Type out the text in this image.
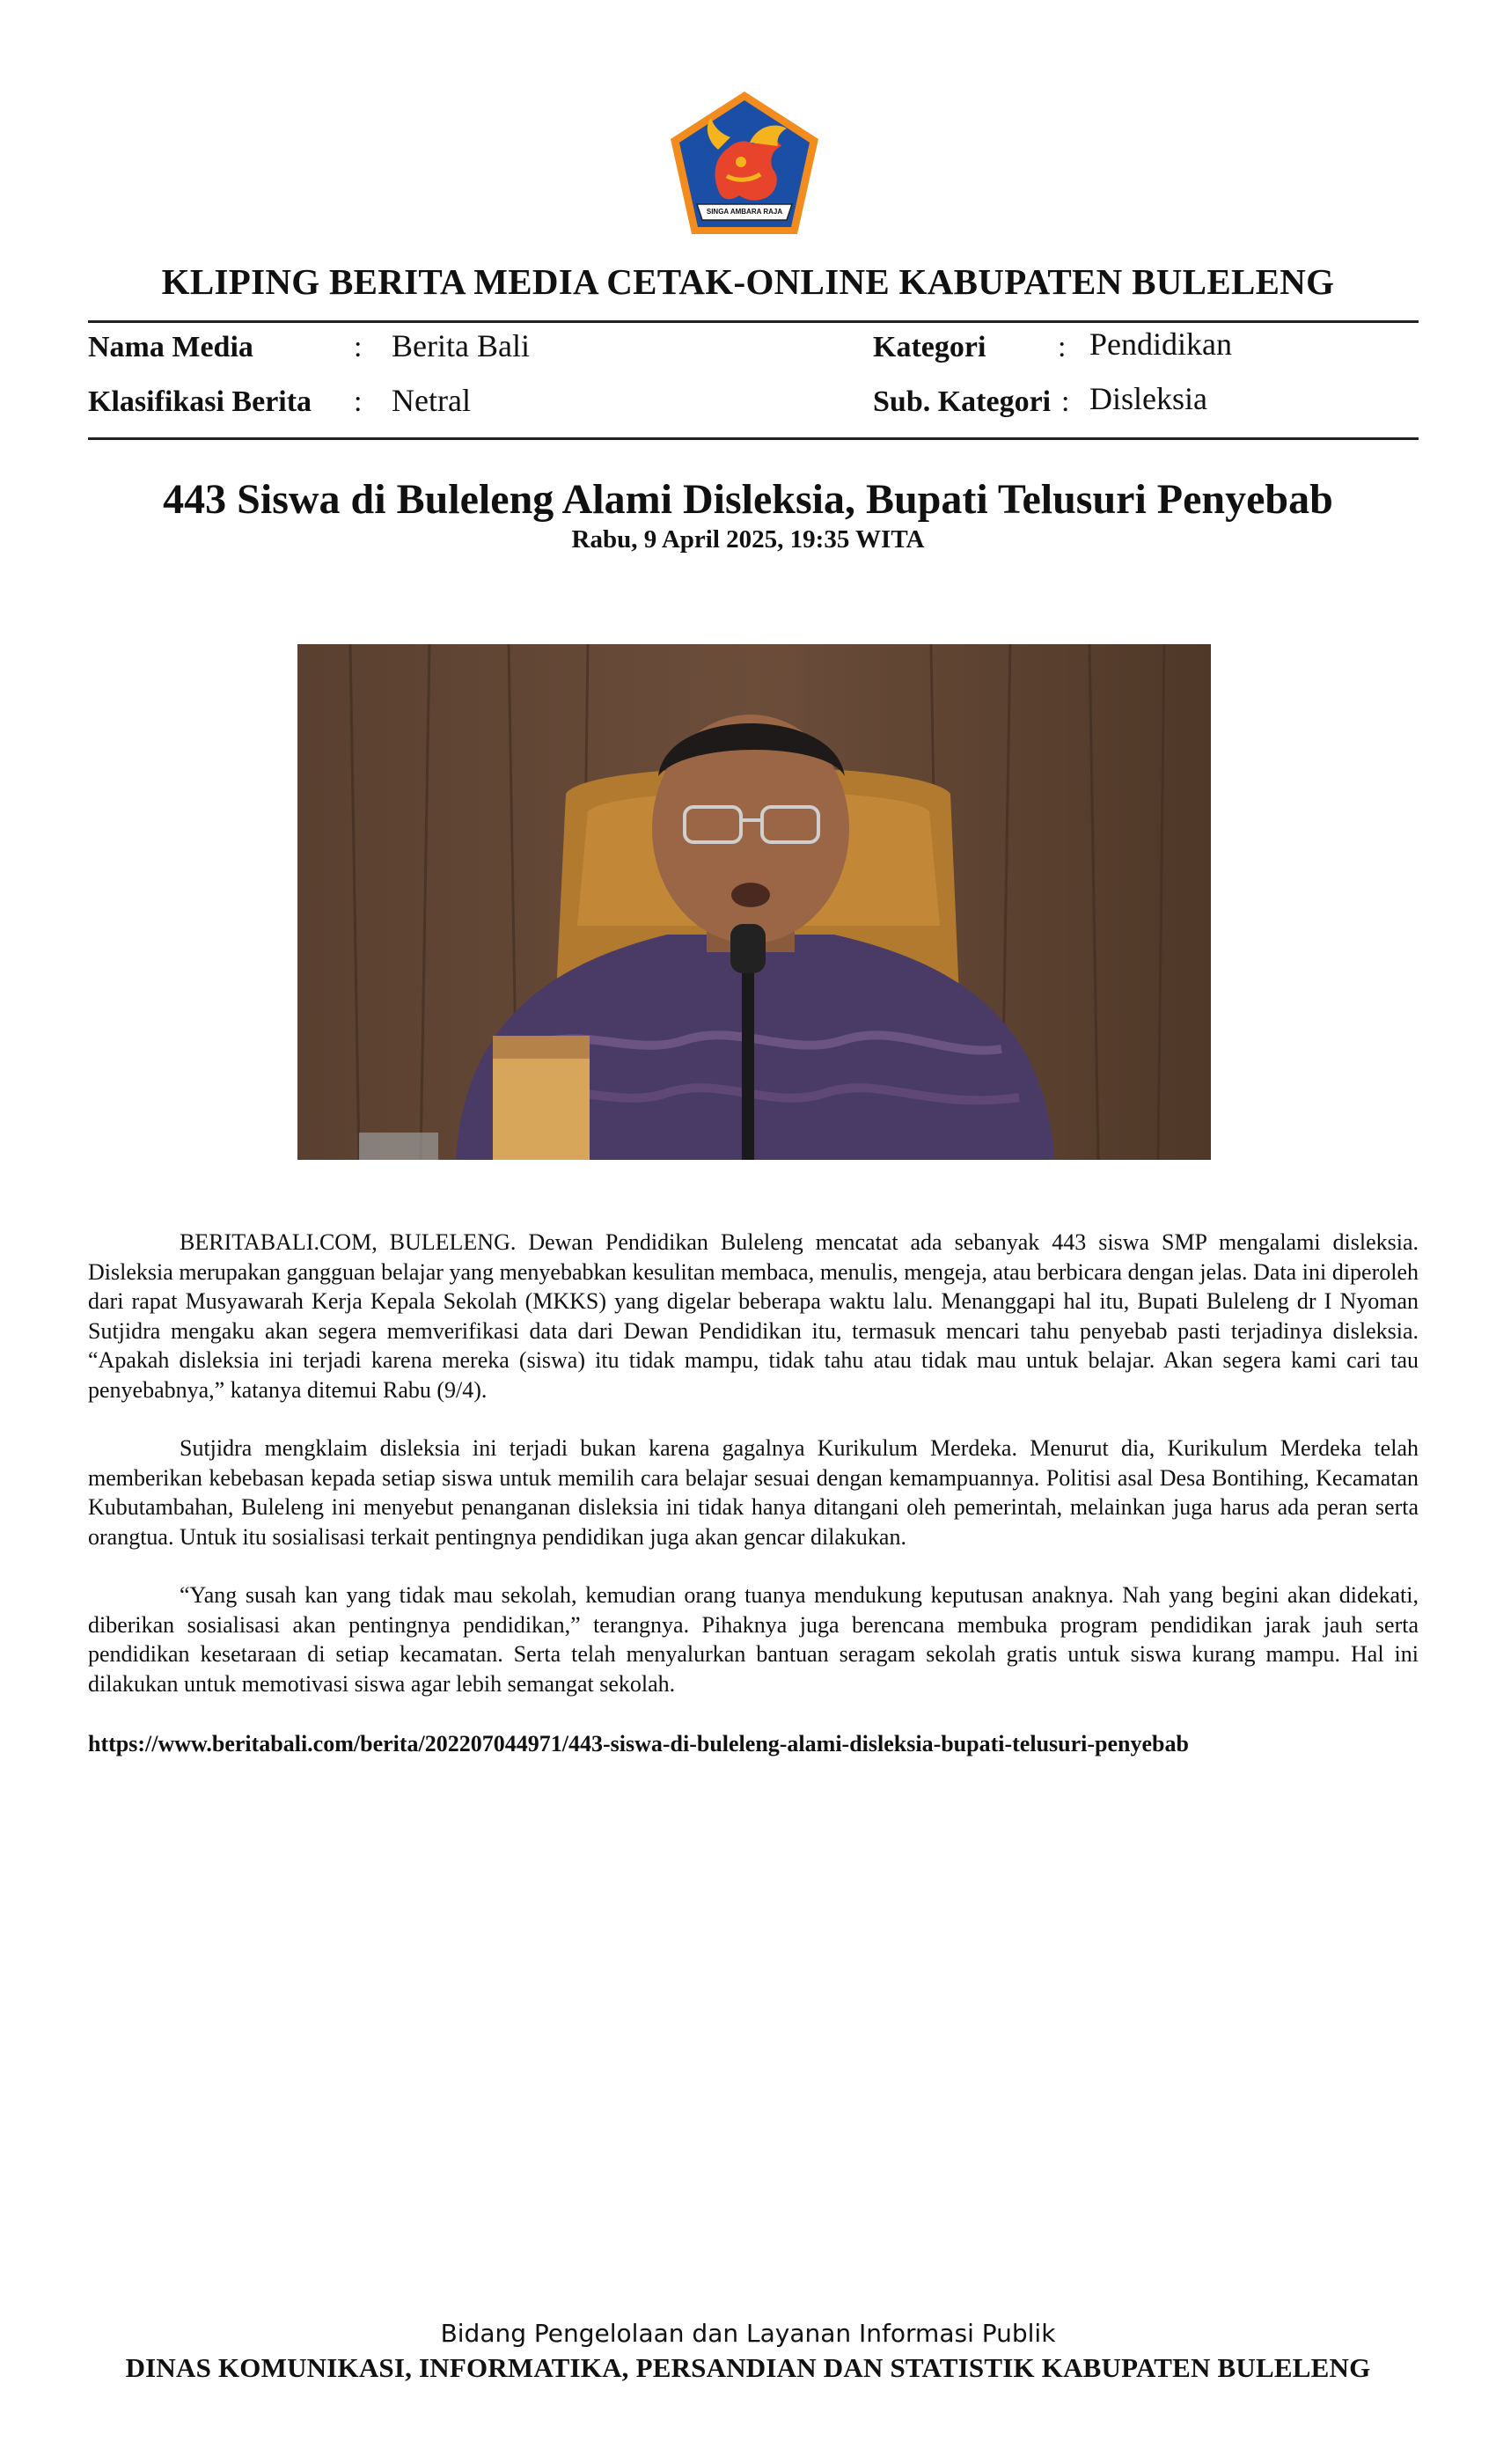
SINGA AMBARA RAJA
KLIPING BERITA MEDIA CETAK-ONLINE KABUPATEN BULELENG
Nama Media	: Berita Bali
Klasifikasi Berita : Netral
Kategori : Pendidikan
Sub. Kategori : Disleksia
443 Siswa di Buleleng Alami Disleksia, Bupati Telusuri Penyebab
Rabu, 9 April 2025, 19:35 WITA

BERITABALI.COM, BULELENG. Dewan Pendidikan Buleleng mencatat ada sebanyak 443 siswa SMP mengalami disleksia. Disleksia merupakan gangguan belajar yang menyebabkan kesulitan membaca, menulis, mengeja, atau berbicara dengan jelas. Data ini diperoleh dari rapat Musyawarah Kerja Kepala Sekolah (MKKS) yang digelar beberapa waktu lalu. Menanggapi hal itu, Bupati Buleleng dr I Nyoman Sutjidra mengaku akan segera memverifikasi data dari Dewan Pendidikan itu, termasuk mencari tahu penyebab pasti terjadinya disleksia. “Apakah disleksia ini terjadi karena mereka (siswa) itu tidak mampu, tidak tahu atau tidak mau untuk belajar. Akan segera kami cari tau penyebabnya,” katanya ditemui Rabu (9/4).

Sutjidra mengklaim disleksia ini terjadi bukan karena gagalnya Kurikulum Merdeka. Menurut dia, Kurikulum Merdeka telah memberikan kebebasan kepada setiap siswa untuk memilih cara belajar sesuai dengan kemampuannya. Politisi asal Desa Bontihing, Kecamatan Kubutambahan, Buleleng ini menyebut penanganan disleksia ini tidak hanya ditangani oleh pemerintah, melainkan juga harus ada peran serta orangtua. Untuk itu sosialisasi terkait pentingnya pendidikan juga akan gencar dilakukan.

“Yang susah kan yang tidak mau sekolah, kemudian orang tuanya mendukung keputusan anaknya. Nah yang begini akan didekati, diberikan sosialisasi akan pentingnya pendidikan,” terangnya. Pihaknya juga berencana membuka program pendidikan jarak jauh serta pendidikan kesetaraan di setiap kecamatan. Serta telah menyalurkan bantuan seragam sekolah gratis untuk siswa kurang mampu. Hal ini dilakukan untuk memotivasi siswa agar lebih semangat sekolah.

https://www.beritabali.com/berita/202207044971/443-siswa-di-buleleng-alami-disleksia-bupati-telusuri-penyebab
Bidang Pengelolaan dan Layanan Informasi Publik
DINAS KOMUNIKASI, INFORMATIKA, PERSANDIAN DAN STATISTIK KABUPATEN BULELENG
